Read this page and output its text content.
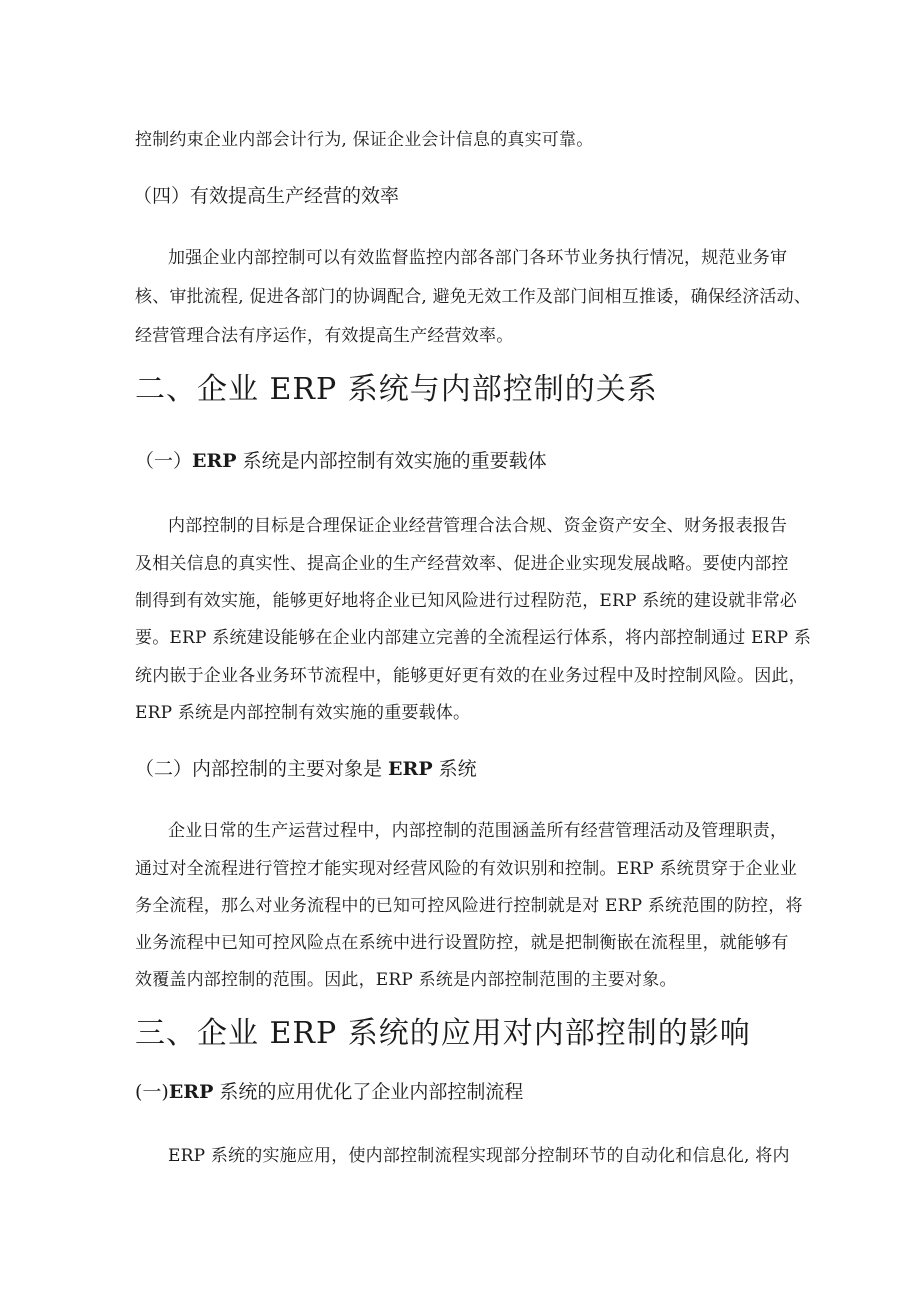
控制约束企业内部会计行为, 保证企业会计信息的真实可靠。
（四）有效提高生产经营的效率
加强企业内部控制可以有效监督监控内部各部门各环节业务执行情况，规范业务审
核、审批流程, 促进各部门的协调配合, 避免无效工作及部门间相互推诿，确保经济活动、
经营管理合法有序运作，有效提高生产经营效率。
二、企业 ERP 系统与内部控制的关系
（一）ERP 系统是内部控制有效实施的重要载体
内部控制的目标是合理保证企业经营管理合法合规、资金资产安全、财务报表报告
及相关信息的真实性、提高企业的生产经营效率、促进企业实现发展战略。要使内部控
制得到有效实施，能够更好地将企业已知风险进行过程防范，ERP 系统的建设就非常必
要。ERP 系统建设能够在企业内部建立完善的全流程运行体系，将内部控制通过 ERP 系
统内嵌于企业各业务环节流程中，能够更好更有效的在业务过程中及时控制风险。因此，
ERP 系统是内部控制有效实施的重要载体。
（二）内部控制的主要对象是 ERP 系统
企业日常的生产运营过程中，内部控制的范围涵盖所有经营管理活动及管理职责，
通过对全流程进行管控才能实现对经营风险的有效识别和控制。ERP 系统贯穿于企业业
务全流程，那么对业务流程中的已知可控风险进行控制就是对 ERP 系统范围的防控，将
业务流程中已知可控风险点在系统中进行设置防控，就是把制衡嵌在流程里，就能够有
效覆盖内部控制的范围。因此，ERP 系统是内部控制范围的主要对象。
三、企业 ERP 系统的应用对内部控制的影响
(一)ERP 系统的应用优化了企业内部控制流程
ERP 系统的实施应用，使内部控制流程实现部分控制环节的自动化和信息化, 将内
